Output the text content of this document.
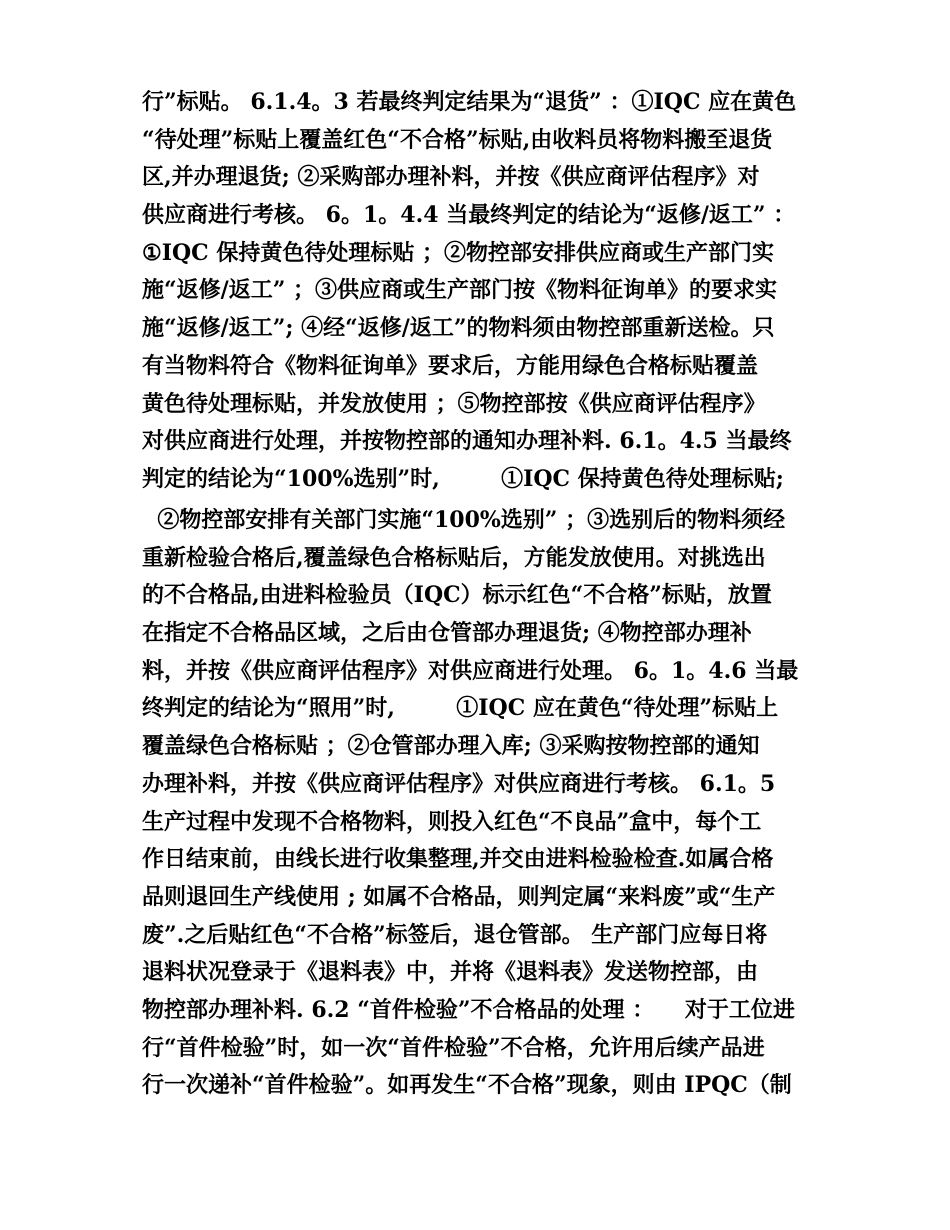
行”标贴。 6.1.4。3 若最终判定结果为“退货” ：①IQC 应在黄色
“待处理”标贴上覆盖红色“不合格”标贴,由收料员将物料搬至退货
区,并办理退货; ②采购部办理补料，并按《供应商评估程序》对
供应商进行考核。 6。1。4.4 当最终判定的结论为“返修/返工” ：
①IQC 保持黄色待处理标贴 ；②物控部安排供应商或生产部门实
施“返修/返工” ；③供应商或生产部门按《物料征询单》的要求实
施“返修/返工”; ④经“返修/返工”的物料须由物控部重新送检。只
有当物料符合《物料征询单》要求后，方能用绿色合格标贴覆盖
黄色待处理标贴，并发放使用 ；⑤物控部按《供应商评估程序》
对供应商进行处理，并按物控部的通知办理补料. 6.1。4.5 当最终
判定的结论为“100%选别”时,        ①IQC 保持黄色待处理标贴;
②物控部安排有关部门实施“100%选别” ；③选别后的物料须经
重新检验合格后,覆盖绿色合格标贴后，方能发放使用。对挑选出
的不合格品,由进料检验员（IQC）标示红色“不合格”标贴，放置
在指定不合格品区域，之后由仓管部办理退货; ④物控部办理补
料，并按《供应商评估程序》对供应商进行处理。 6。1。4.6 当最
终判定的结论为“照用”时,        ①IQC 应在黄色“待处理”标贴上
覆盖绿色合格标贴 ；②仓管部办理入库; ③采购按物控部的通知
办理补料，并按《供应商评估程序》对供应商进行考核。 6.1。5
生产过程中发现不合格物料，则投入红色“不良品”盒中，每个工
作日结束前，由线长进行收集整理,并交由进料检验检查.如属合格
品则退回生产线使用 ; 如属不合格品，则判定属“来料废”或“生产
废”.之后贴红色“不合格”标签后，退仓管部。 生产部门应每日将
退料状况登录于《退料表》中，并将《退料表》发送物控部，由
物控部办理补料. 6.2 “首件检验”不合格品的处理 ：    对于工位进
行“首件检验”时，如一次“首件检验”不合格，允许用后续产品进
行一次递补“首件检验”。如再发生“不合格”现象，则由 IPQC（制
